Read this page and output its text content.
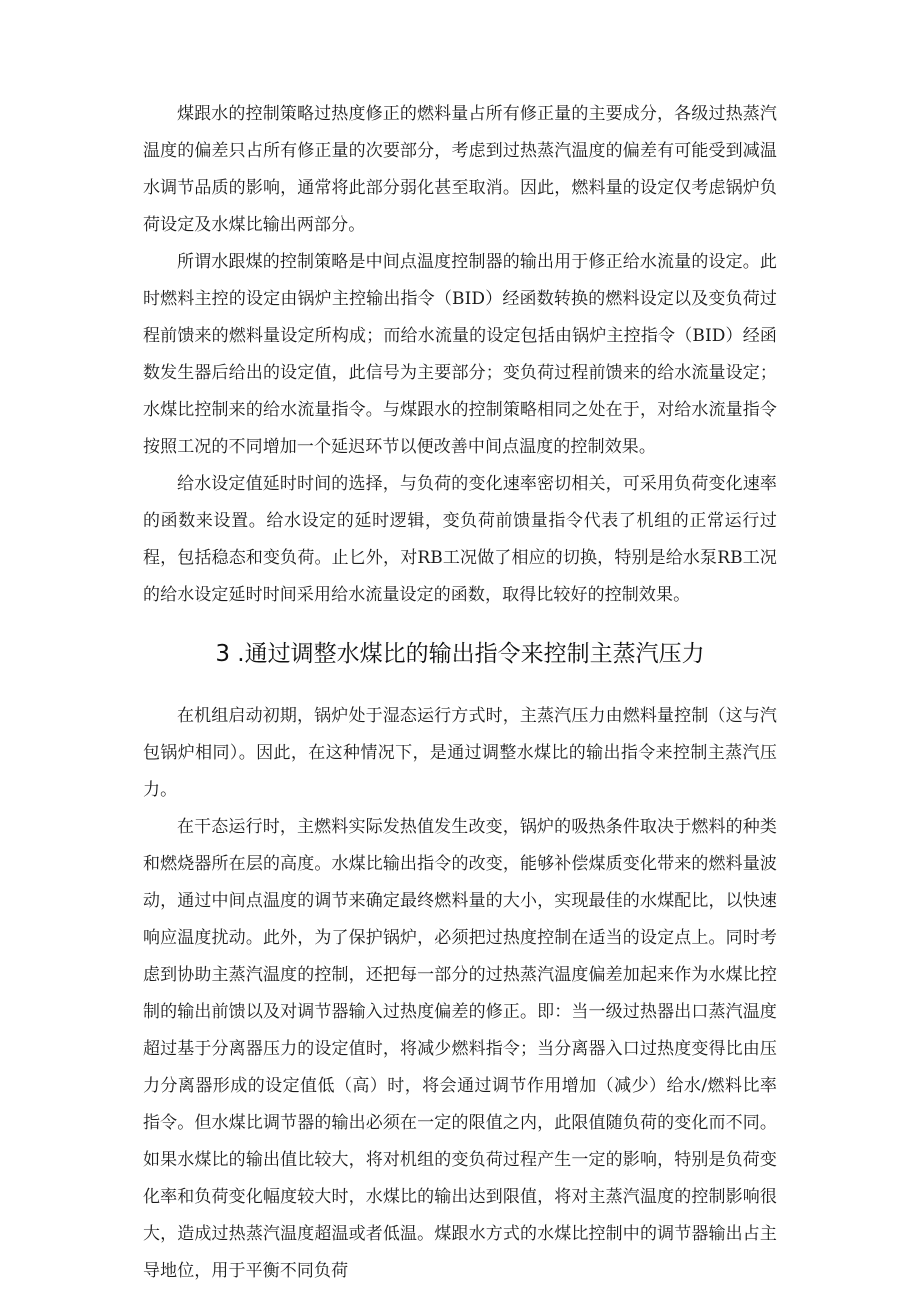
煤跟水的控制策略过热度修正的燃料量占所有修正量的主要成分，各级过热蒸汽温度的偏差只占所有修正量的次要部分，考虑到过热蒸汽温度的偏差有可能受到减温水调节品质的影响，通常将此部分弱化甚至取消。因此，燃料量的设定仅考虑锅炉负荷设定及水煤比输出两部分。

所谓水跟煤的控制策略是中间点温度控制器的输出用于修正给水流量的设定。此时燃料主控的设定由锅炉主控输出指令（BID）经函数转换的燃料设定以及变负荷过程前馈来的燃料量设定所构成；而给水流量的设定包括由锅炉主控指令（BID）经函数发生器后给出的设定值，此信号为主要部分；变负荷过程前馈来的给水流量设定；水煤比控制来的给水流量指令。与煤跟水的控制策略相同之处在于，对给水流量指令按照工况的不同增加一个延迟环节以便改善中间点温度的控制效果。

给水设定值延时时间的选择，与负荷的变化速率密切相关，可采用负荷变化速率的函数来设置。给水设定的延时逻辑，变负荷前馈量指令代表了机组的正常运行过程，包括稳态和变负荷。止匕外，对RB工况做了相应的切换，特别是给水泵RB工况的给水设定延时时间采用给水流量设定的函数，取得比较好的控制效果。

3 .通过调整水煤比的输出指令来控制主蒸汽压力

在机组启动初期，锅炉处于湿态运行方式时，主蒸汽压力由燃料量控制（这与汽包锅炉相同）。因此，在这种情况下，是通过调整水煤比的输出指令来控制主蒸汽压力。

在干态运行时，主燃料实际发热值发生改变，锅炉的吸热条件取决于燃料的种类和燃烧器所在层的高度。水煤比输出指令的改变，能够补偿煤质变化带来的燃料量波动，通过中间点温度的调节来确定最终燃料量的大小，实现最佳的水煤配比，以快速响应温度扰动。此外，为了保护锅炉，必须把过热度控制在适当的设定点上。同时考虑到协助主蒸汽温度的控制，还把每一部分的过热蒸汽温度偏差加起来作为水煤比控制的输出前馈以及对调节器输入过热度偏差的修正。即：当一级过热器出口蒸汽温度超过基于分离器压力的设定值时，将减少燃料指令；当分离器入口过热度变得比由压力分离器形成的设定值低（高）时，将会通过调节作用增加（减少）给水/燃料比率指令。但水煤比调节器的输出必须在一定的限值之内，此限值随负荷的变化而不同。如果水煤比的输出值比较大，将对机组的变负荷过程产生一定的影响，特别是负荷变化率和负荷变化幅度较大时，水煤比的输出达到限值，将对主蒸汽温度的控制影响很大，造成过热蒸汽温度超温或者低温。煤跟水方式的水煤比控制中的调节器输出占主导地位，用于平衡不同负荷
